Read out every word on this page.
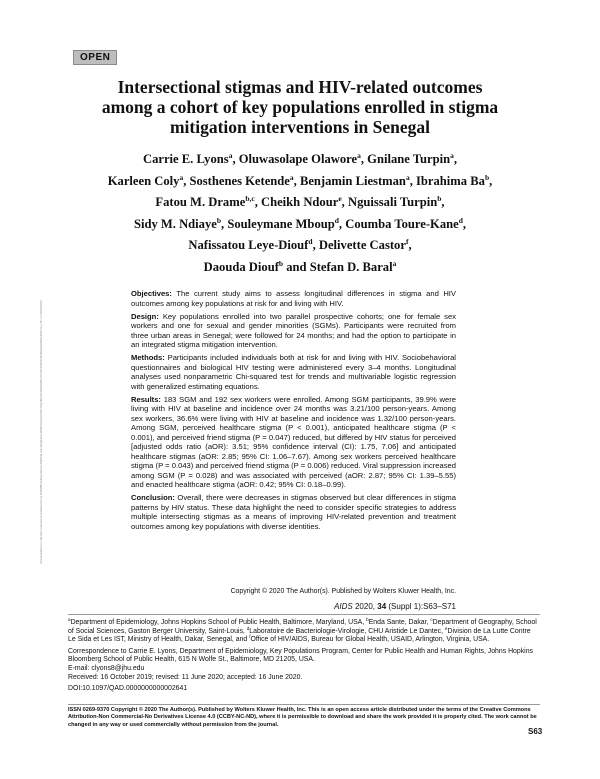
OPEN
Intersectional stigmas and HIV-related outcomes
among a cohort of key populations enrolled in stigma
mitigation interventions in Senegal
Carrie E. Lyons$^a$, Oluwasolape Olawore$^a$, Gnilane Turpin$^a$,
Karleen Coly$^a$, Sosthenes Ketende$^a$, Benjamin Liestman$^a$, Ibrahima Ba$^b$,
Fatou M. Drame$^{b,c}$, Cheikh Ndour$^e$, Nguissali Turpin$^b$,
Sidy M. Ndiaye$^b$, Souleymane Mboup$^d$, Coumba Toure-Kane$^d$,
Nafissatou Leye-Diouf$^d$, Delivette Castor$^f$,
Daouda Diouf$^b$ and Stefan D. Baral$^a$
Downloaded from http://journals.lww.com/aidsonline by BhDMf5ePHKav1zEoum1tQfN4a+kJLhEZgbsIHo4XMi0hCywCX1AWnYQp/IlQrHD3i3D0OdRyi7TvSFl4Cf3VC4/OAVpDDa8KKGKV0Ymy+78= on 09/14/2023

Objectives: The current study aims to assess longitudinal differences in stigma and HIV outcomes among key populations at risk for and living with HIV.

Design: Key populations enrolled into two parallel prospective cohorts; one for female sex workers and one for sexual and gender minorities (SGMs). Participants were recruited from three urban areas in Senegal; were followed for 24 months; and had the option to participate in an integrated stigma mitigation intervention.

Methods: Participants included individuals both at risk for and living with HIV. Sociobehavioral questionnaires and biological HIV testing were administered every 3–4 months. Longitudinal analyses used nonparametric Chi-squared test for trends and multivariable logistic regression with generalized estimating equations.

Results: 183 SGM and 192 sex workers were enrolled. Among SGM participants, 39.9% were living with HIV at baseline and incidence over 24 months was 3.21/100 person-years. Among sex workers, 36.6% were living with HIV at baseline and incidence was 1.32/100 person-years. Among SGM, perceived healthcare stigma (P < 0.001), anticipated healthcare stigma (P < 0.001), and perceived friend stigma (P = 0.047) reduced, but differed by HIV status for perceived [adjusted odds ratio (aOR): 3.51; 95% confidence interval (CI): 1.75, 7.06] and anticipated healthcare stigmas (aOR: 2.85; 95% CI: 1.06–7.67). Among sex workers perceived healthcare stigma (P = 0.043) and perceived friend stigma (P = 0.006) reduced. Viral suppression increased among SGM (P = 0.028) and was associated with perceived (aOR: 2.87; 95% CI: 1.39–5.55) and enacted healthcare stigma (aOR: 0.42; 95% CI: 0.18–0.99).

Conclusion: Overall, there were decreases in stigmas observed but clear differences in stigma patterns by HIV status. These data highlight the need to consider specific strategies to address multiple intersecting stigmas as a means of improving HIV-related prevention and treatment outcomes among key populations with diverse identities.

Copyright © 2020 The Author(s). Published by Wolters Kluwer Health, Inc.
AIDS 2020, 34 (Suppl 1):S63–S71

$^a$Department of Epidemiology, Johns Hopkins School of Public Health, Baltimore, Maryland, USA, $^b$Enda Sante, Dakar, $^c$Department of Geography, School of Social Sciences, Gaston Berger University, Saint-Louis, $^d$Laboratoire de Bacteriologie-Virologie, CHU Aristide Le Dantec, $^e$Division de La Lutte Contre Le Sida et Les IST, Ministry of Health, Dakar, Senegal, and $^f$Office of HIV/AIDS, Bureau for Global Health, USAID, Arlington, Virginia, USA.

Correspondence to Carrie E. Lyons, Department of Epidemiology, Key Populations Program, Center for Public Health and Human Rights, Johns Hopkins Bloomberg School of Public Health, 615 N Wolfe St., Baltimore, MD 21205, USA.

E-mail: clyons8@jhu.edu

Received: 16 October 2019; revised: 11 June 2020; accepted: 16 June 2020.

DOI:10.1097/QAD.0000000000002641

ISSN 0269-9370 Copyright © 2020 The Author(s). Published by Wolters Kluwer Health, Inc. This is an open access article distributed under the terms of the Creative Commons Attribution-Non Commercial-No Derivatives License 4.0 (CCBY-NC-ND), where it is permissible to download and share the work provided it is properly cited. The work cannot be changed in any way or used commercially without permission from the journal.
S63
